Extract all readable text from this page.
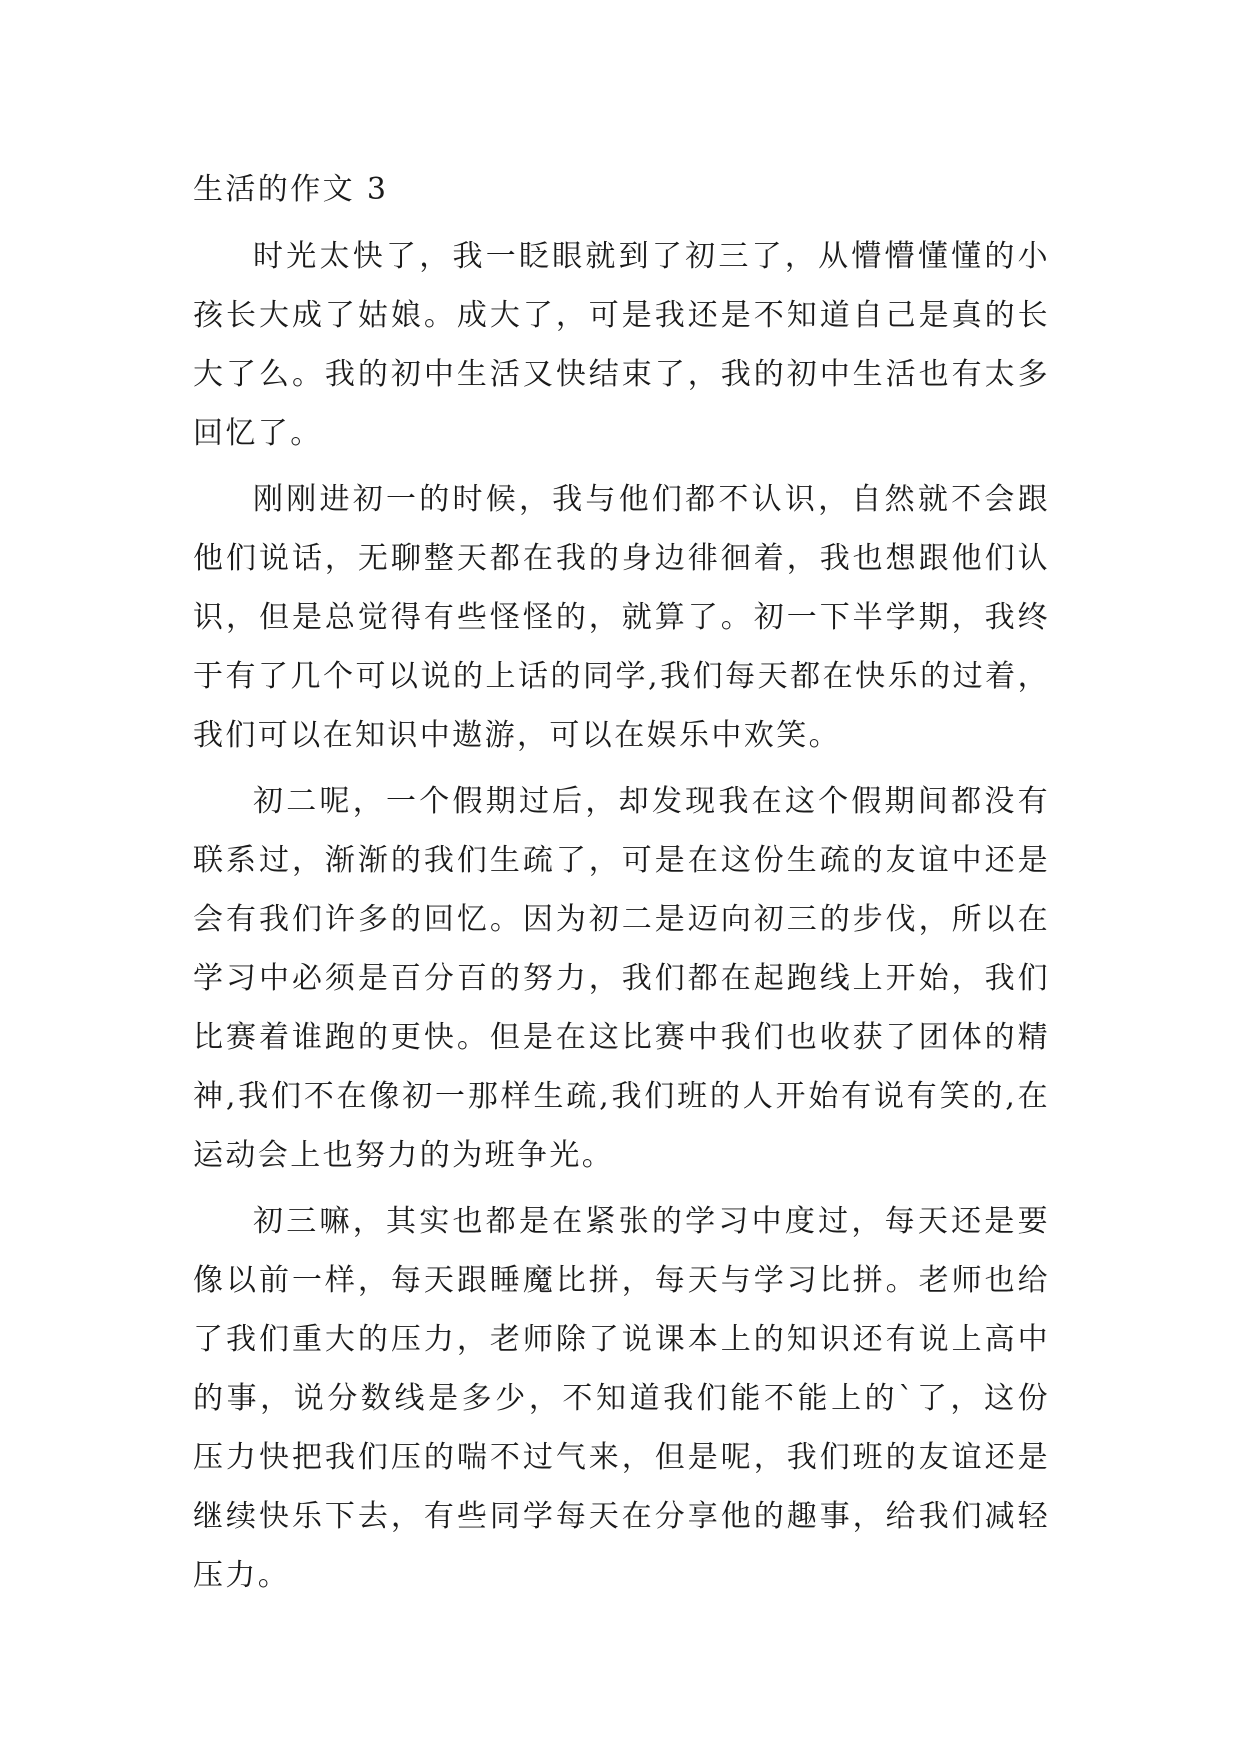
生活的作文 3

时光太快了，我一眨眼就到了初三了，从懵懵懂懂的小孩长大成了姑娘。成大了，可是我还是不知道自己是真的长大了么。我的初中生活又快结束了，我的初中生活也有太多回忆了。

刚刚进初一的时候，我与他们都不认识，自然就不会跟他们说话，无聊整天都在我的身边徘徊着，我也想跟他们认识，但是总觉得有些怪怪的，就算了。初一下半学期，我终于有了几个可以说的上话的同学,我们每天都在快乐的过着，我们可以在知识中遨游，可以在娱乐中欢笑。

初二呢，一个假期过后，却发现我在这个假期间都没有联系过，渐渐的我们生疏了，可是在这份生疏的友谊中还是会有我们许多的回忆。因为初二是迈向初三的步伐，所以在学习中必须是百分百的努力，我们都在起跑线上开始，我们比赛着谁跑的更快。但是在这比赛中我们也收获了团体的精神,我们不在像初一那样生疏,我们班的人开始有说有笑的,在运动会上也努力的为班争光。

初三嘛，其实也都是在紧张的学习中度过，每天还是要像以前一样，每天跟睡魔比拼，每天与学习比拼。老师也给了我们重大的压力，老师除了说课本上的知识还有说上高中的事，说分数线是多少，不知道我们能不能上的`了，这份压力快把我们压的喘不过气来，但是呢，我们班的友谊还是继续快乐下去，有些同学每天在分享他的趣事，给我们减轻压力。
